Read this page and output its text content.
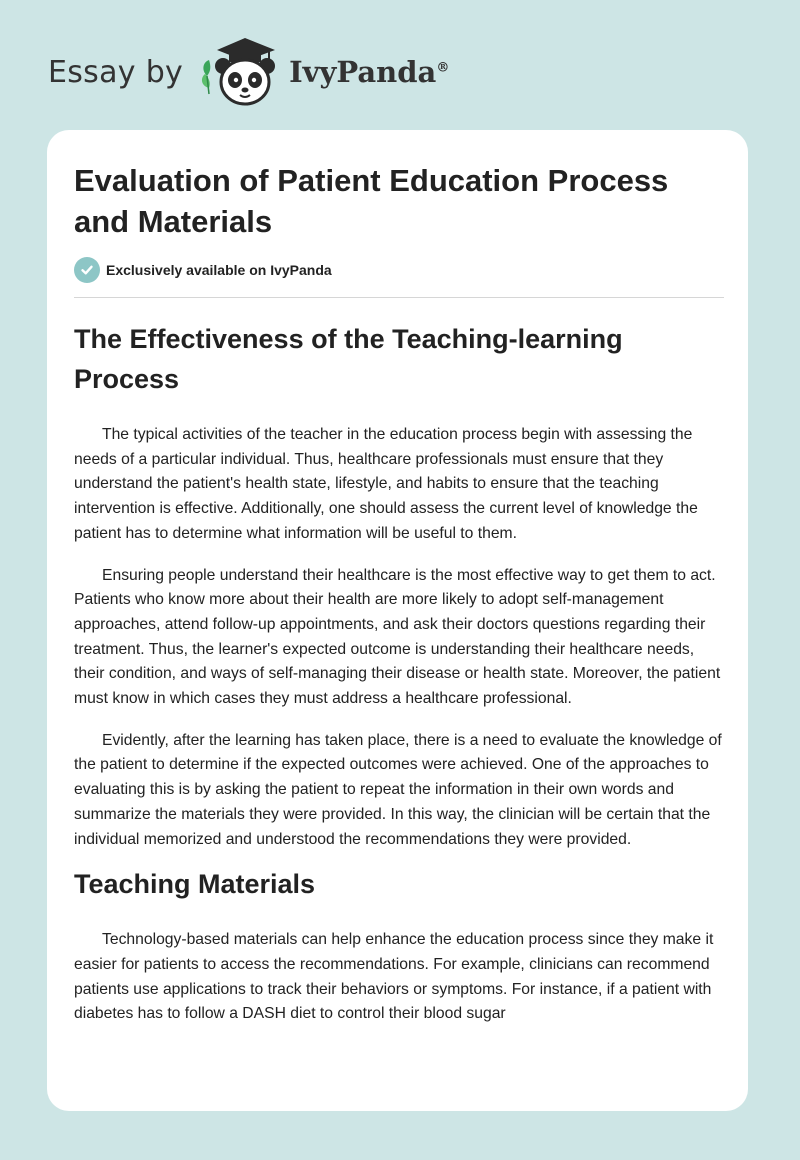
Essay by	IvyPanda®
Evaluation of Patient Education Process and Materials
Exclusively available on IvyPanda
The Effectiveness of the Teaching-learning Process

The typical activities of the teacher in the education process begin with assessing the needs of a particular individual. Thus, healthcare professionals must ensure that they understand the patient's health state, lifestyle, and habits to ensure that the teaching intervention is effective. Additionally, one should assess the current level of knowledge the patient has to determine what information will be useful to them.

Ensuring people understand their healthcare is the most effective way to get them to act. Patients who know more about their health are more likely to adopt self-management approaches, attend follow-up appointments, and ask their doctors questions regarding their treatment. Thus, the learner's expected outcome is understanding their healthcare needs, their condition, and ways of self-managing their disease or health state. Moreover, the patient must know in which cases they must address a healthcare professional.

Evidently, after the learning has taken place, there is a need to evaluate the knowledge of the patient to determine if the expected outcomes were achieved. One of the approaches to evaluating this is by asking the patient to repeat the information in their own words and summarize the materials they were provided. In this way, the clinician will be certain that the individual memorized and understood the recommendations they were provided.

Teaching Materials

Technology-based materials can help enhance the education process since they make it easier for patients to access the recommendations. For example, clinicians can recommend patients use applications to track their behaviors or symptoms. For instance, if a patient with diabetes has to follow a DASH diet to control their blood sugar
